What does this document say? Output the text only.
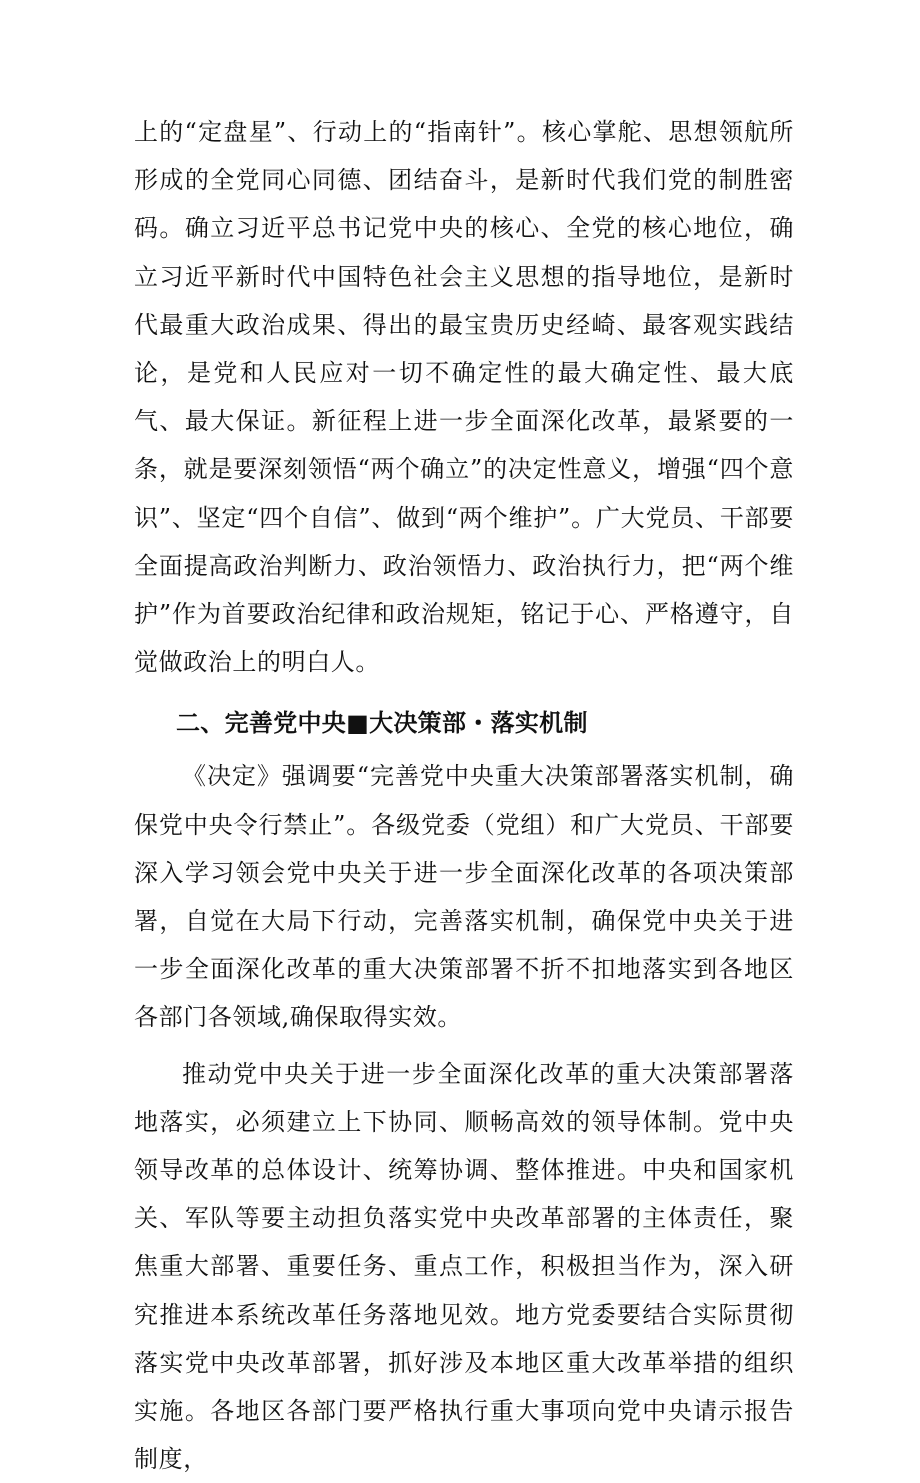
上的“定盘星”、行动上的“指南针”。核心掌舵、思想领航所形成的全党同心同德、团结奋斗，是新时代我们党的制胜密码。确立习近平总书记党中央的核心、全党的核心地位，确立习近平新时代中国特色社会主义思想的指导地位，是新时代最重大政治成果、得出的最宝贵历史经崎、最客观实践结论，是党和人民应对一切不确定性的最大确定性、最大底气、最大保证。新征程上进一步全面深化改革，最紧要的一条，就是要深刻领悟“两个确立”的决定性意义，增强“四个意识”、坚定“四个自信”、做到“两个维护”。广大党员、干部要全面提高政治判断力、政治领悟力、政治执行力，把“两个维护”作为首要政治纪律和政治规矩，铭记于心、严格遵守，自觉做政治上的明白人。

二、完善党中央■大决策部・落实机制

《决定》强调要“完善党中央重大决策部署落实机制，确保党中央令行禁止”。各级党委（党组）和广大党员、干部要深入学习领会党中央关于进一步全面深化改革的各项决策部署，自觉在大局下行动，完善落实机制，确保党中央关于进一步全面深化改革的重大决策部署不折不扣地落实到各地区各部门各领域,确保取得实效。

推动党中央关于进一步全面深化改革的重大决策部署落地落实，必须建立上下协同、顺畅高效的领导体制。党中央领导改革的总体设计、统筹协调、整体推进。中央和国家机关、军队等要主动担负落实党中央改革部署的主体责任，聚焦重大部署、重要任务、重点工作，积极担当作为，深入研究推进本系统改革任务落地见效。地方党委要结合实际贯彻落实党中央改革部署，抓好涉及本地区重大改革举措的组织实施。各地区各部门要严格执行重大事项向党中央请示报告制度，
